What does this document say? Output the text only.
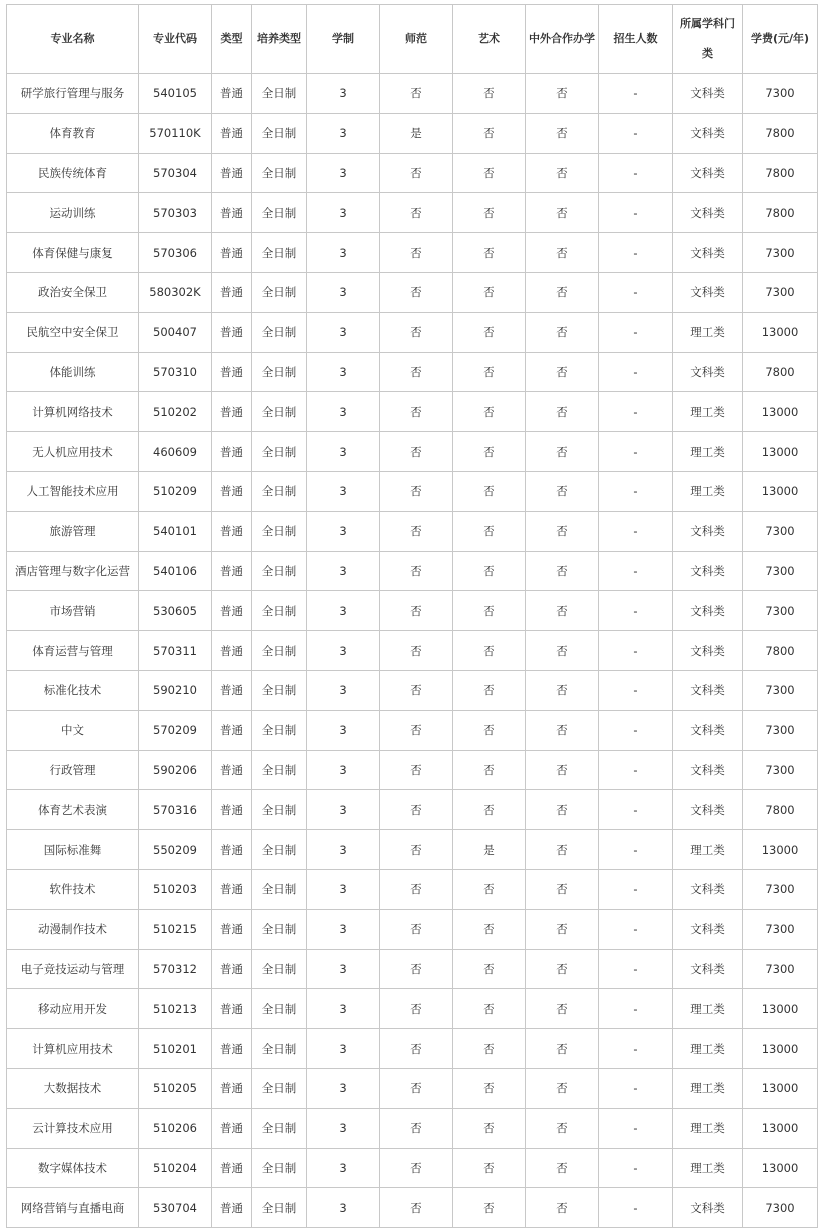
专业名称	专业代码	类型	培养类型	学制	师范	艺术	中外合作办学	招生人数	所属学科门类	学费(元/年)
研学旅行管理与服务	540105	普通	全日制	3	否	否	否	-	文科类	7300
体育教育	570110K	普通	全日制	3	是	否	否	-	文科类	7800
民族传统体育	570304	普通	全日制	3	否	否	否	-	文科类	7800
运动训练	570303	普通	全日制	3	否	否	否	-	文科类	7800
体育保健与康复	570306	普通	全日制	3	否	否	否	-	文科类	7300
政治安全保卫	580302K	普通	全日制	3	否	否	否	-	文科类	7300
民航空中安全保卫	500407	普通	全日制	3	否	否	否	-	理工类	13000
体能训练	570310	普通	全日制	3	否	否	否	-	文科类	7800
计算机网络技术	510202	普通	全日制	3	否	否	否	-	理工类	13000
无人机应用技术	460609	普通	全日制	3	否	否	否	-	理工类	13000
人工智能技术应用	510209	普通	全日制	3	否	否	否	-	理工类	13000
旅游管理	540101	普通	全日制	3	否	否	否	-	文科类	7300
酒店管理与数字化运营	540106	普通	全日制	3	否	否	否	-	文科类	7300
市场营销	530605	普通	全日制	3	否	否	否	-	文科类	7300
体育运营与管理	570311	普通	全日制	3	否	否	否	-	文科类	7800
标准化技术	590210	普通	全日制	3	否	否	否	-	文科类	7300
中文	570209	普通	全日制	3	否	否	否	-	文科类	7300
行政管理	590206	普通	全日制	3	否	否	否	-	文科类	7300
体育艺术表演	570316	普通	全日制	3	否	否	否	-	文科类	7800
国际标准舞	550209	普通	全日制	3	否	是	否	-	理工类	13000
软件技术	510203	普通	全日制	3	否	否	否	-	文科类	7300
动漫制作技术	510215	普通	全日制	3	否	否	否	-	文科类	7300
电子竞技运动与管理	570312	普通	全日制	3	否	否	否	-	文科类	7300
移动应用开发	510213	普通	全日制	3	否	否	否	-	理工类	13000
计算机应用技术	510201	普通	全日制	3	否	否	否	-	理工类	13000
大数据技术	510205	普通	全日制	3	否	否	否	-	理工类	13000
云计算技术应用	510206	普通	全日制	3	否	否	否	-	理工类	13000
数字媒体技术	510204	普通	全日制	3	否	否	否	-	理工类	13000
网络营销与直播电商	530704	普通	全日制	3	否	否	否	-	文科类	7300
